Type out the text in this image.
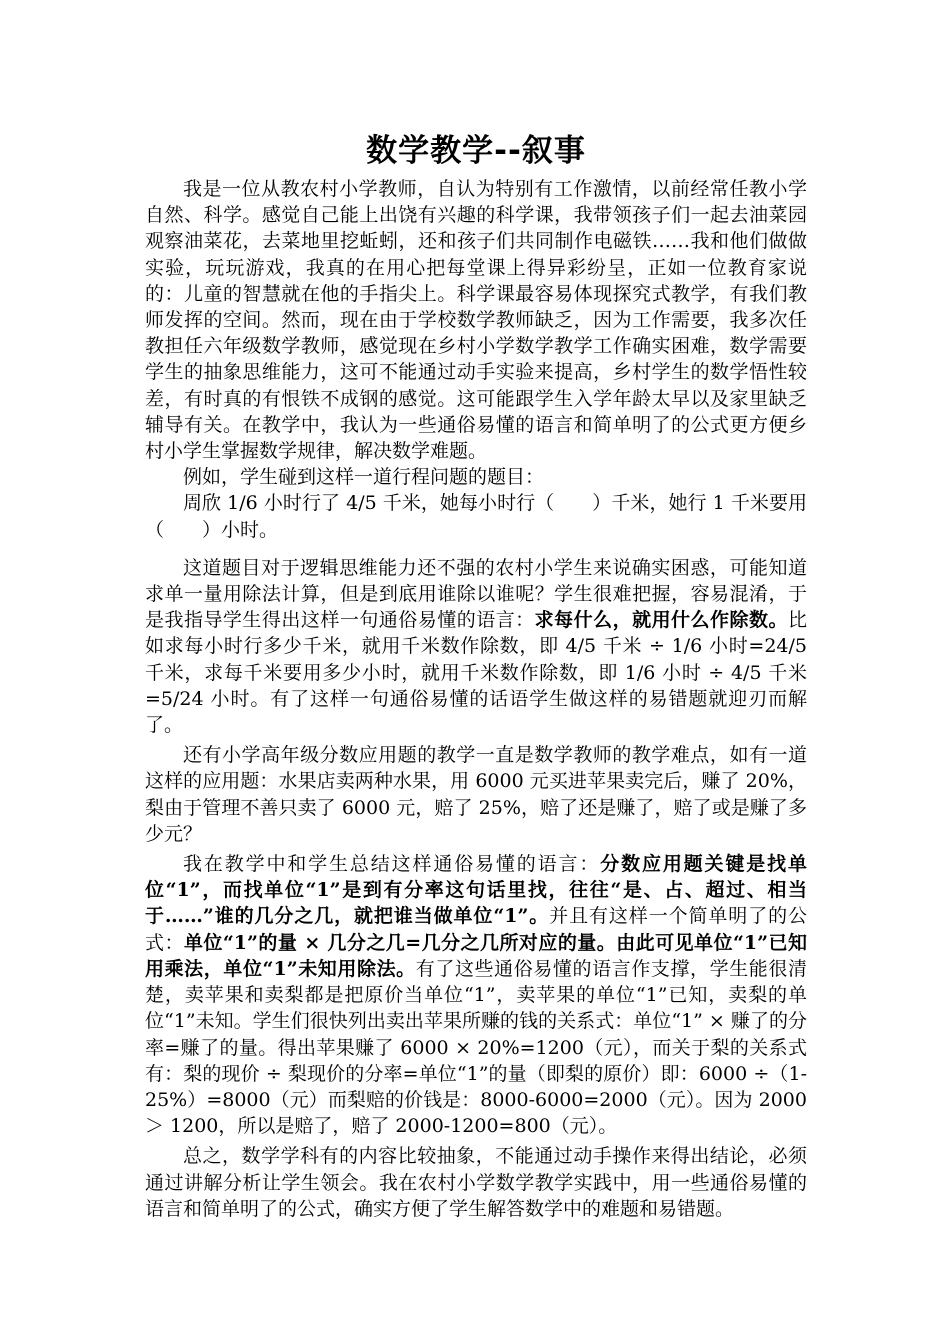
数学教学--叙事

我是一位从教农村小学教师，自认为特别有工作激情，以前经常任教小学自然、科学。感觉自己能上出饶有兴趣的科学课，我带领孩子们一起去油菜园观察油菜花，去菜地里挖蚯蚓，还和孩子们共同制作电磁铁……我和他们做做实验，玩玩游戏，我真的在用心把每堂课上得异彩纷呈，正如一位教育家说的：儿童的智慧就在他的手指尖上。科学课最容易体现探究式教学，有我们教师发挥的空间。然而，现在由于学校数学教师缺乏，因为工作需要，我多次任教担任六年级数学教师，感觉现在乡村小学数学教学工作确实困难，数学需要学生的抽象思维能力，这可不能通过动手实验来提高，乡村学生的数学悟性较差，有时真的有恨铁不成钢的感觉。这可能跟学生入学年龄太早以及家里缺乏辅导有关。在教学中，我认为一些通俗易懂的语言和简单明了的公式更方便乡村小学生掌握数学规律，解决数学难题。

例如，学生碰到这样一道行程问题的题目：

周欣 1/6 小时行了 4/5 千米，她每小时行（　　）千米，她行 1 千米要用（　　）小时。

这道题目对于逻辑思维能力还不强的农村小学生来说确实困惑，可能知道求单一量用除法计算，但是到底用谁除以谁呢？学生很难把握，容易混淆，于是我指导学生得出这样一句通俗易懂的语言：求每什么，就用什么作除数。比如求每小时行多少千米，就用千米数作除数，即 4/5 千米 ÷ 1/6 小时=24/5 千米，求每千米要用多少小时，就用千米数作除数，即 1/6 小时 ÷ 4/5 千米=5/24 小时。有了这样一句通俗易懂的话语学生做这样的易错题就迎刃而解了。

还有小学高年级分数应用题的教学一直是数学教师的教学难点，如有一道这样的应用题：水果店卖两种水果，用 6000 元买进苹果卖完后，赚了 20%，梨由于管理不善只卖了 6000 元，赔了 25%，赔了还是赚了，赔了或是赚了多少元？

我在教学中和学生总结这样通俗易懂的语言：分数应用题关键是找单位“1”，而找单位“1”是到有分率这句话里找，往往“是、占、超过、相当于……”谁的几分之几，就把谁当做单位“1”。并且有这样一个简单明了的公式：单位“1”的量 × 几分之几=几分之几所对应的量。由此可见单位“1”已知用乘法，单位“1”未知用除法。有了这些通俗易懂的语言作支撑，学生能很清楚，卖苹果和卖梨都是把原价当单位“1”，卖苹果的单位“1”已知，卖梨的单位“1”未知。学生们很快列出卖出苹果所赚的钱的关系式：单位“1” × 赚了的分率=赚了的量。得出苹果赚了 6000 × 20%=1200（元），而关于梨的关系式有：梨的现价 ÷ 梨现价的分率=单位“1”的量（即梨的原价）即：6000 ÷（1-25%）=8000（元）而梨赔的价钱是：8000-6000=2000（元）。因为 2000 ＞ 1200，所以是赔了，赔了 2000-1200=800（元）。

总之，数学学科有的内容比较抽象，不能通过动手操作来得出结论，必须通过讲解分析让学生领会。我在农村小学数学教学实践中，用一些通俗易懂的语言和简单明了的公式，确实方便了学生解答数学中的难题和易错题。
